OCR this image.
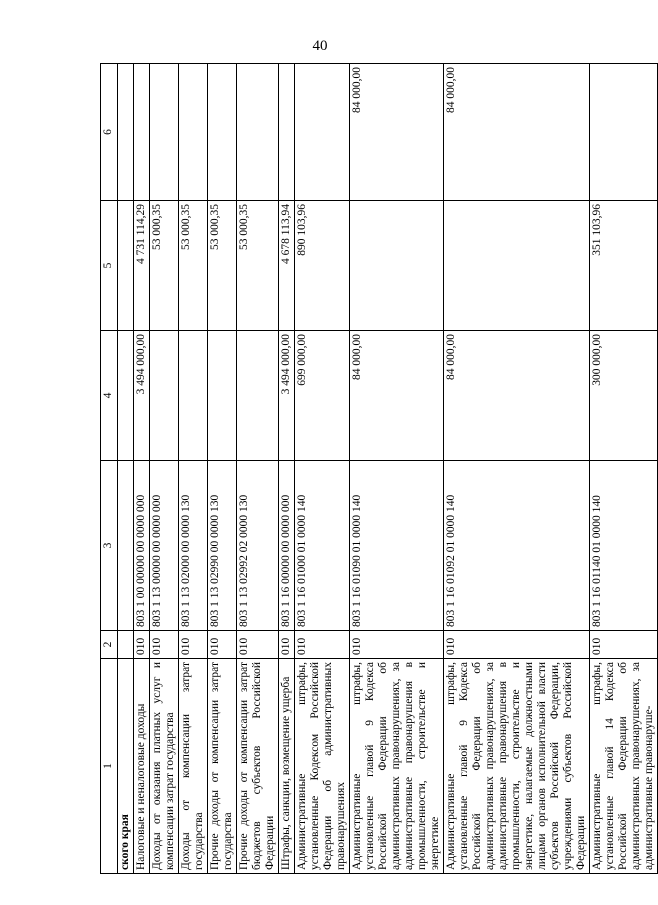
40
1	2	3	4	5	6
ского края					
Налоговые и неналоговые доходы	010	803 1 00 00000 00 0000 000	3 494 000,00	4 731 114,29	
Доходы от оказания платных услуг и компенсации затрат государства	010	803 1 13 00000 00 0000 000		53 000,35	
Доходы от компенсации затрат государства	010	803 1 13 02000 00 0000 130		53 000,35	
Прочие доходы от компенсации затрат государства	010	803 1 13 02990 00 0000 130		53 000,35	
Прочие доходы от компенсации затрат бюджетов субъектов Российской Федерации	010	803 1 13 02992 02 0000 130		53 000,35	
Штрафы, санкции, возмещение ущерба	010	803 1 16 00000 00 0000 000	3 494 000,00	4 678 113,94	
Административные штрафы, установленные Кодексом Российской Федерации об административных правонарушениях	010	803 1 16 01000 01 0000 140	699 000,00	890 103,96	
Административные штрафы, установленные главой 9 Кодекса Российской Федерации об административных правонарушениях, за административные правонарушения в промышленности, строительстве и энергетике	010	803 1 16 01090 01 0000 140	84 000,00		84 000,00
Административные штрафы, установленные главой 9 Кодекса Российской Федерации об административных правонарушениях, за административные правонарушения в промышленности, строительстве и энергетике, налагаемые должностными лицами органов исполнительной власти субъектов Российской Федерации, учреждениями субъектов Российской Федерации	010	803 1 16 01092 01 0000 140	84 000,00		84 000,00
Административные штрафы, установленные главой 14 Кодекса Российской Федерации об административных правонарушениях, за административные правонаруше-	010	803 1 16 01140 01 0000 140	300 000,00	351 103,96	
